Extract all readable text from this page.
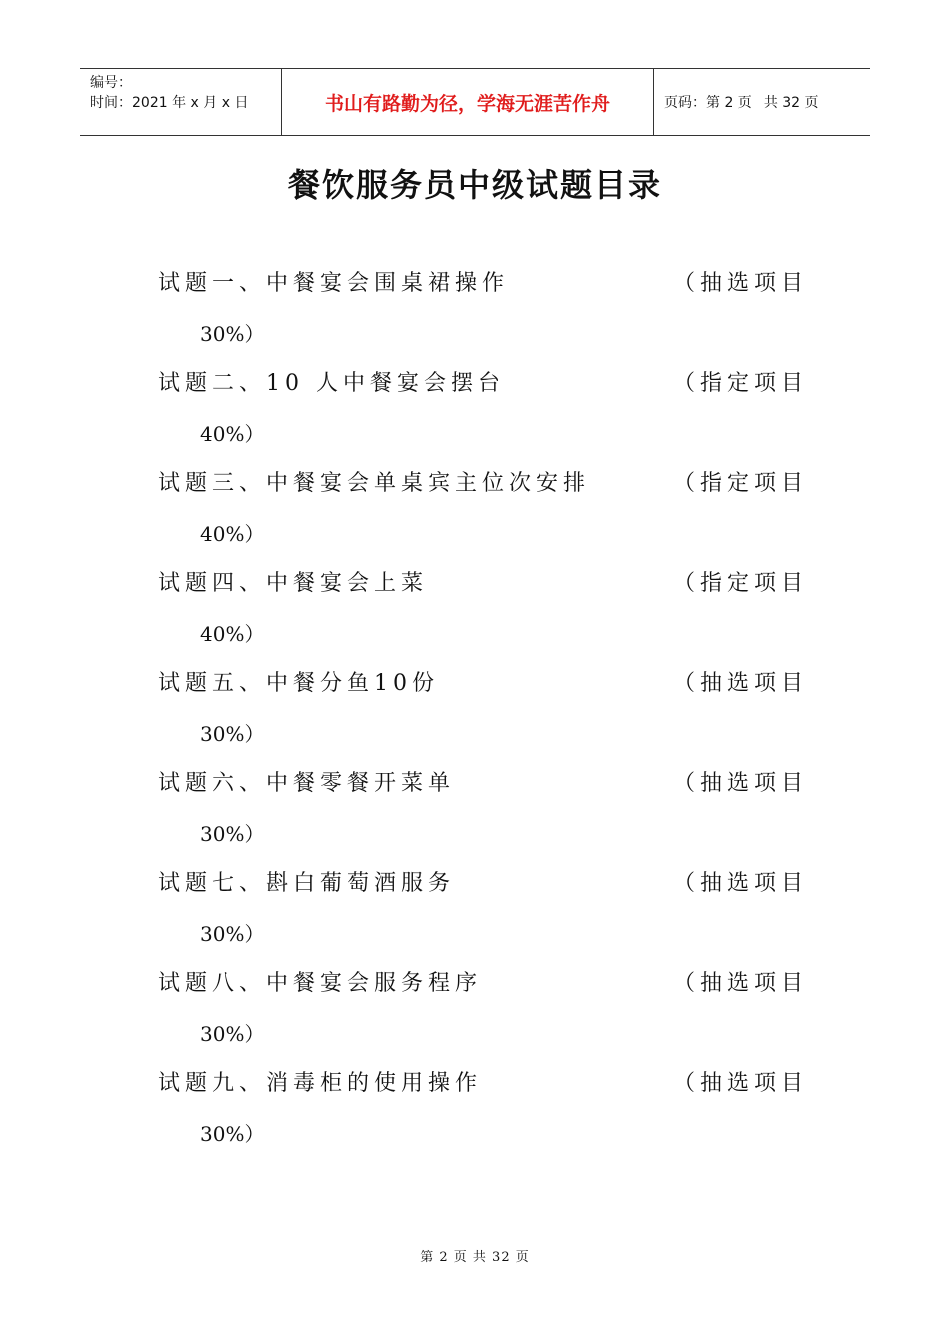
编号：
时间：2021 年 x 月 x 日	书山有路勤为径，学海无涯苦作舟	页码：第 2 页 共 32 页
餐饮服务员中级试题目录
试题一、中餐宴会围桌裙操作	（抽选项目
30%）
试题二、10 人中餐宴会摆台	（指定项目
40%）
试题三、中餐宴会单桌宾主位次安排	（指定项目
40%）
试题四、中餐宴会上菜	（指定项目
40%）
试题五、中餐分鱼10份	（抽选项目
30%）
试题六、中餐零餐开菜单	（抽选项目
30%）
试题七、斟白葡萄酒服务	（抽选项目
30%）
试题八、中餐宴会服务程序	（抽选项目
30%）
试题九、消毒柜的使用操作	（抽选项目
30%）
第 2 页 共 32 页
